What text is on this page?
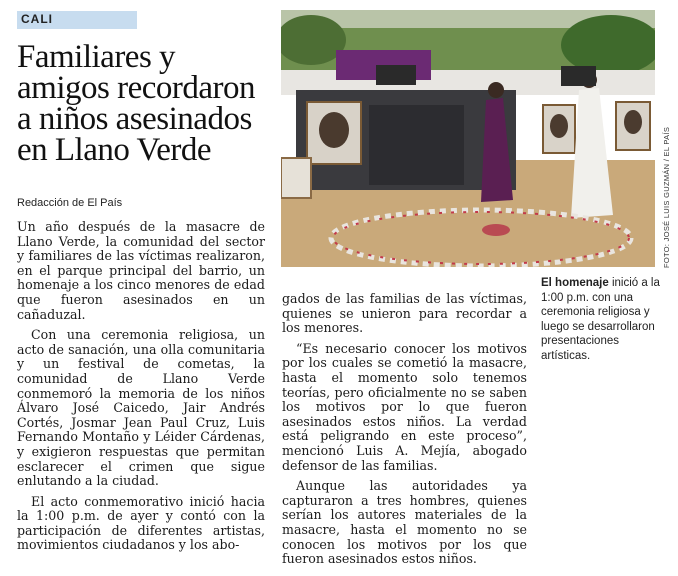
CALI
Familiares y amigos recordaron a niños asesinados en Llano Verde
Redacción de El País

Un año después de la masacre de Llano Verde, la comunidad del sector y familiares de las víctimas realizaron, en el parque principal del barrio, un homenaje a los cinco menores de edad que fueron asesinados en un cañaduzal.

Con una ceremonia religiosa, un acto de sanación, una olla comunitaria y un festival de cometas, la comunidad de Llano Verde conmemoró la memoria de los niños Álvaro José Caicedo, Jair Andrés Cortés, Josmar Jean Paul Cruz, Luis Fernando Montaño y Léider Cárdenas, y exigieron respuestas que permitan esclarecer el crimen que sigue enlutando a la ciudad.

El acto conmemorativo inició hacia la 1:00 p.m. de ayer y contó con la participación de diferentes artistas, movimientos ciudadanos y los abo-

gados de las familias de las víctimas, quienes se unieron para recordar a los menores.

“Es necesario conocer los motivos por los cuales se cometió la masacre, hasta el momento solo tenemos teorías, pero oficialmente no se saben los motivos por lo que fueron asesinados estos niños. La verdad está peligrando en este proceso”, mencionó Luis A. Mejía, abogado defensor de las familias.

Aunque las autoridades ya capturaron a tres hombres, quienes serían los autores materiales de la masacre, hasta el momento no se conocen los motivos por los que fueron asesinados estos niños.

FOTO: JOSÉ LUIS GUZMÁN / EL PAÍS
El homenaje inició a la 1:00 p.m. con una ceremonia religiosa y luego se desarrollaron presentaciones artísticas.
